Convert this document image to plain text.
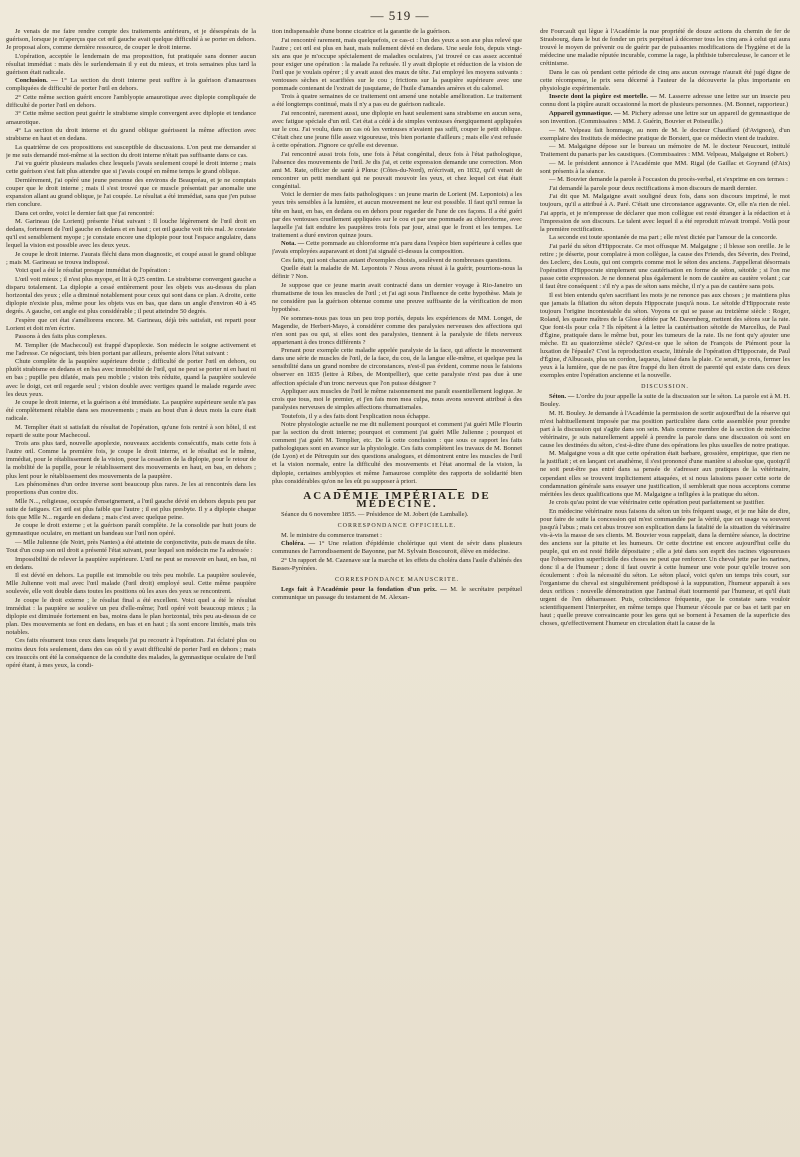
— 519 —

Je venais de me faire rendre compte des traitements antérieurs, et je désespérais de la guérison, lorsque je m'aperçus que cet œil gauche avait quelque difficulté à se porter en dehors. Je proposai alors, comme dernière ressource, de couper le droit interne.

L'opération, acceptée le lendemain de ma proposition, fut pratiquée sans donner aucun résultat immédiat : mais dès le surlendemain il y eut du mieux, et trois semaines plus tard la guérison était radicale.

Conclusion. — 1° La section du droit interne peut suffire à la guérison d'amauroses compliquées de difficulté de porter l'œil en dehors.

2° Cette même section guérit encore l'amblyopie amaurotique avec diplopie compliquée de difficulté de porter l'œil en dehors.

3° Cette même section peut guérir le strabisme simple convergent avec diplopie et tendance amaurotique.

4° La section du droit interne et du grand oblique guérissent la même affection avec strabisme en haut et en dedans.

La quatrième de ces propositions est susceptible de discussions. L'on peut me demander si je me suis demandé moi-même si la section du droit interne n'était pas suffisante dans ce cas.

J'ai vu guérir plusieurs malades chez lesquels j'avais seulement coupé le droit interne ; mais cette guérison s'est fait plus attendre que si j'avais coupé en même temps le grand oblique.

Dernièrement, j'ai opéré une jeune personne des environs de Beaupréau, et je ne comptais couper que le droit interne ; mais il s'est trouvé que ce muscle présentait par anomalie une expansion allant au grand oblique, je l'ai coupée. Le résultat a été immédiat, sans que j'en puisse rien conclure.

Dans cet ordre, voici le dernier fait que j'ai rencontré:

M. Garineau (de Lorient) présente l'état suivant : Il louche légèrement de l'œil droit en dedans, fortement de l'œil gauche en dedans et en haut ; cet œil gauche voit très mal. Je constate qu'il est sensiblement myope ; je constate encore une diplopie pour tout l'espace angulaire, dans lequel la vision est possible avec les deux yeux.

Je coupe le droit interne. J'aurais fléchi dans mon diagnostic, et coupé aussi le grand oblique ; mais M. Garineau se trouva indisposé.

Voici quel a été le résultat presque immédiat de l'opération :

L'œil voit mieux ; il n'est plus myope, et lit à 0,25 centim. Le strabisme convergent gauche a disparu totalement. La diplopie a cessé entièrement pour les objets vus au-dessus du plan horizontal des yeux ; elle a diminué notablement pour ceux qui sont dans ce plan. A droite, cette diplopie n'existe plus, même pour les objets vus en bas, que dans un angle d'environ 40 à 45 degrés. A gauche, cet angle est plus considérable ; il peut atteindre 50 degrés.

J'espère que cet état s'améliorera encore. M. Garineau, déjà très satisfait, est reparti pour Lorient et doit m'en écrire.

Passons à des faits plus complexes.

M. Templier (de Machecoul) est frappé d'apoplexie. Son médecin le soigne activement et me l'adresse. Ce négociant, très bien portant par ailleurs, présente alors l'état suivant :

Chute complète de la paupière supérieure droite ; difficulté de porter l'œil en dehors, ou plutôt strabisme en dedans et en bas avec immobilité de l'œil, qui ne peut se porter ni en haut ni en bas ; pupille peu dilatée, mais peu mobile ; vision très réduite, quand la paupière soulevée avec le doigt, cet œil regarde seul ; vision double avec vertiges quand le malade regarde avec les deux yeux.

Je coupe le droit interne, et la guérison a été immédiate. La paupière supérieure seule n'a pas été complètement rétablie dans ses mouvements ; mais au bout d'un à deux mois la cure était radicale.

M. Templier était si satisfait du résultat de l'opération, qu'une fois rentré à son hôtel, il est reparti de suite pour Machecoul.

Trois ans plus tard, nouvelle apoplexie, nouveaux accidents consécutifs, mais cette fois à l'autre œil. Comme la première fois, je coupe le droit interne, et le résultat est le même, immédiat, pour le rétablissement de la vision, pour la cessation de la diplopie, pour le retour de la mobilité de la pupille, pour le rétablissement des mouvements en haut, en bas, en dehors ; plus lent pour le rétablissement des mouvements de la paupière.

Les phénomènes d'un ordre inverse sont beaucoup plus rares. Je les ai rencontrés dans les proportions d'un contre dix.

Mlle N..., religieuse, occupée d'enseignement, a l'œil gauche dévié en dehors depuis peu par suite de fatigues. Cet œil est plus faible que l'autre ; il est plus presbyte. Il y a diplopie chaque fois que Mlle N... regarde en dedans ; mais c'est avec quelque peine.

Je coupe le droit externe ; et la guérison paraît complète. Je la consolide par huit jours de gymnastique oculaire, en mettant un bandeau sur l'œil non opéré.

— Mlle Julienne (de Noirt, près Nantes) a été atteinte de conjonctivite, puis de maux de tête. Tout d'un coup son œil droit a présenté l'état suivant, pour lequel son médecin me l'a adressée :

Impossibilité de relever la paupière supérieure. L'œil ne peut se mouvoir en haut, en bas, ni en dedans.

Il est dévié en dehors. La pupille est immobile ou très peu mobile. La paupière soulevée, Mlle Julienne voit mal avec l'œil malade (l'œil droit) employé seul. Cette même paupière soulevée, elle voit double dans toutes les positions où les axes des yeux se rencontrent.

Je coupe le droit externe ; le résultat final a été excellent. Voici quel a été le résultat immédiat : la paupière se soulève un peu d'elle-même; l'œil opéré voit beaucoup mieux ; la diplopie est diminuée fortement en bas, moins dans le plan horizontal, très peu au-dessus de ce plan. Des mouvements se font en dedans, en bas et en haut ; ils sont encore limités, mais très notables.

Ces faits résument tous ceux dans lesquels j'ai pu recourir à l'opération. J'ai éclairé plus ou moins deux fois seulement, dans des cas où il y avait difficulté de porter l'œil en dehors ; mais ces insuccès ont été la conséquence de la conduite des malades, la gymnastique oculaire de l'œil opéré étant, à mes yeux, la condi-

tion indispensable d'une bonne cicatrice et la garantie de la guérison.

J'ai rencontré rarement, mais quelquefois, ce cas-ci : l'un des yeux a son axe plus relevé que l'autre ; cet œil est plus en haut, mais nullement dévié en dedans. Une seule fois, depuis vingt-six ans que je m'occupe spécialement de maladies oculaires, j'ai trouvé ce cas assez accentué pour exiger une opération : la malade l'a refusée. Il y avait diplopie et réduction de la vision de l'œil que je voulais opérer ; il y avait aussi des maux de tête. J'ai employé les moyens suivants : ventouses sèches et scarifiées sur le cou ; frictions sur la paupière supérieure avec une pommade contenant de l'extrait de jusquiame, de l'huile d'amandes amères et du calomel.

Trois à quatre semaines de ce traitement ont amené une notable amélioration. Le traitement a été longtemps continué, mais il n'y a pas eu de guérison radicale.

J'ai rencontré, rarement aussi, une diplopie en haut seulement sans strabisme en aucun sens, avec fatigue spéciale d'un œil. Cet état a cédé à de simples ventouses énergiquement appliquées sur le cou. J'ai voulu, dans un cas où les ventouses n'avaient pas suffi, couper le petit oblique. C'était chez une jeune fille assez vigoureuse, très bien portante d'ailleurs ; mais elle s'est refusée à cette opération. J'ignore ce qu'elle est devenue.

J'ai rencontré aussi trois fois, une fois à l'état congénital, deux fois à l'état pathologique, l'absence des mouvements de l'œil. Je dis j'ai, et cette expression demande une correction. Mon ami M. Rate, officier de santé à Plœuc (Côtes-du-Nord), m'écrivait, en 1832, qu'il venait de rencontrer un petit mendiant qui ne pouvait mouvoir les yeux, et chez lequel cet état était congénital.

Voici le dernier de mes faits pathologiques : un jeune marin de Lorient (M. Lepontois) a les yeux très sensibles à la lumière, et aucun mouvement ne leur est possible. Il faut qu'il remue la tête en haut, en bas, en dedans ou en dehors pour regarder de l'une de ces façons. Il a été guéri par des ventouses cruellement appliquées sur le cou et par une pommade au chloroforme, avec laquelle j'ai fait enduire les paupières trois fois par jour, ainsi que le front et les tempes. Le traitement a duré environ quinze jours.

Nota. — Cette pommade au chloroforme m'a paru dans l'espèce bien supérieure à celles que j'avais employées auparavant et dont j'ai signalé ci-dessus la composition.

Ces faits, qui sont chacun autant d'exemples choisis, soulèvent de nombreuses questions.

Quelle était la maladie de M. Lepontois ? Nous avons réussi à la guérir, pourrions-nous la définir ? Non.

Je suppose que ce jeune marin avait contracté dans un dernier voyage à Rio-Janeiro un rhumatisme de tous les muscles de l'œil ; et j'ai agi sous l'influence de cette hypothèse. Mais je ne considère pas la guérison obtenue comme une preuve suffisante de la vérification de mon hypothèse.

Ne sommes-nous pas tous un peu trop portés, depuis les expériences de MM. Longet, de Magendie, de Herbert-Mayo, à considérer comme des paralysies nerveuses des affections qui n'en sont pas ou qui, si elles sont des paralysies, tiennent à la paralysie de filets nerveux appartenant à des troncs différents ?

Prenant pour exemple cette maladie appelée paralysie de la face, qui affecte le mouvement dans une série de muscles de l'œil, de la face, du cou, de la langue elle-même, et quelque peu la sensibilité dans un grand nombre de circonstances, n'est-il pas évident, comme nous le faisions observer en 1835 (lettre à Ribes, de Montpellier), que cette paralysie n'est pas due à une affection spéciale d'un tronc nerveux que l'on puisse désigner ?

Appliquer aux muscles de l'œil le même raisonnement me paraît essentiellement logique. Je crois que tous, moi le premier, et j'en fais mon mea culpa, nous avons souvent attribué à des paralysies nerveuses de simples affections rhumatismales.

Toutefois, il y a des faits dont l'explication nous échappe.

Notre physiologie actuelle ne me dit nullement pourquoi et comment j'ai guéri Mlle Flourin par la section du droit interne; pourquoi et comment j'ai guéri Mlle Julienne ; pourquoi et comment j'ai guéri M. Templier, etc. De là cette conclusion : que sous ce rapport les faits pathologiques sont en avance sur la physiologie. Ces faits complètent les travaux de M. Bonnet (de Lyon) et de Pétrequin sur des questions analogues, et démontrent entre les muscles de l'œil et la vision normale, entre la difficulté des mouvements et l'état anormal de la vision, la diplopie, certaines amblyopies et même l'amaurose complète des rapports de solidarité bien plus considérables qu'on ne les eût pu supposer à priori.

ACADÉMIE IMPÉRIALE DE MÉDECINE.

Séance du 6 novembre 1855. — Présidence de M. Jobert (de Lamballe).

CORRESPONDANCE OFFICIELLE.

M. le ministre du commerce transmet :

Choléra. — 1° Une relation d'épidémie cholérique qui vient de sévir dans plusieurs communes de l'arrondissement de Bayonne, par M. Sylvain Boscouroit, élève en médecine.

2° Un rapport de M. Cazenave sur la marche et les effets du choléra dans l'asile d'aliénés des Basses-Pyrénées.

CORRESPONDANCE MANUSCRITE.

Legs fait à l'Académie pour la fondation d'un prix. — M. le secrétaire perpétuel communique un passage du testament de M. Alexan-

dre Fourcault qui lègue à l'Académie la nue propriété de douze actions du chemin de fer de Strasbourg, dans le but de fonder un prix perpétuel à décerner tous les cinq ans à celui qui aura trouvé le moyen de prévenir ou de guérir par de puissantes modifications de l'hygiène et de la médecine une maladie réputée incurable, comme la rage, la phthisie tuberculeuse, le cancer et le crétinisme.

Dans le cas où pendant cette période de cinq ans aucun ouvrage n'aurait été jugé digne de cette récompense, le prix sera décerné à l'auteur de la découverte la plus importante en physiologie expérimentale.

Insecte dont la piqûre est mortelle. — M. Lasserre adresse une lettre sur un insecte peu connu dont la piqûre aurait occasionné la mort de plusieurs personnes. (M. Bonnet, rapporteur.)

Appareil gymnastique. — M. Pichery adresse une lettre sur un appareil de gymnastique de son invention. (Commissaires : MM. J. Guérin, Bouvier et Poiseuille.)

— M. Velpeau fait hommage, au nom de M. le docteur Chauffard (d'Avignon), d'un exemplaire des Instituts de médecine pratique de Borsieri, que ce médecin vient de traduire.

— M. Malgaigne dépose sur le bureau un mémoire de M. le docteur Neucourt, intitulé Traitement du panaris par les caustiques. (Commissaires : MM. Velpeau, Malgaigne et Robert.)

— M. le président annonce à l'Académie que MM. Rigal (de Gaillac et Goyrand (d'Aix) sont présents à la séance.

— M. Bouvier demande la parole à l'occasion du procès-verbal, et s'exprime en ces termes :

J'ai demandé la parole pour deux rectifications à mon discours de mardi dernier.

J'ai dit que M. Malgaigne avait souligné deux fois, dans son discours imprimé, le mot toujours, qu'il a attribué à A. Paré. C'était une circonstance aggravante. Or, elle n'a rien de réel. J'ai appris, et je m'empresse de déclarer que mon collègue est resté étranger à la rédaction et à l'impression de son discours. Le talent avec lequel il a été reproduit m'avait trompé. Voilà pour la première rectification.

La seconde est toute spontanée de ma part ; elle m'est dictée par l'amour de la concorde.

J'ai parlé du séton d'Hippocrate. Ce mot offusque M. Malgaigne ; il blesse son oreille. Je le retire ; je déserte, pour complaire à mon collègue, la cause des Friends, des Séverin, des Freind, des Leclerc, des Louis, qui ont compris comme moi le séton des anciens. J'appellerai désormais l'opération d'Hippocrate simplement une cautérisation en forme de séton, sétoïde ; si l'on me passe cette expression. Je ne donnerai plus également le nom de cautère au cautère volant ; car il faut être conséquent : s'il n'y a pas de séton sans mèche, il n'y a pas de cautère sans pois.

Il est bien entendu qu'en sacrifiant les mots je ne renonce pas aux choses ; je maintiens plus que jamais la filiation du séton depuis Hippocrate jusqu'à nous. Le sétoïde d'Hippocrate reste toujours l'origine incontestable du séton. Voyons ce qui se passe au treizième siècle : Roger, Roland, les quatre maîtres de la Glose éditée par M. Daremberg, mettent des sétons sur la rate. Que font-ils pour cela ? Ils répètent à la lettre la cautérisation sétoïde de Marcellus, de Paul d'Égine, pratiquée dans le même but, pour les tumeurs de la rate. Ils ne font qu'y ajouter une mèche. Et au quatorzième siècle? Qu'est-ce que le séton de François de Piémont pour la luxation de l'épaule? C'est la reproduction exacte, littérale de l'opération d'Hippocrate, de Paul d'Égine, d'Albucasis, plus un cordon, laqueus, laissé dans la plaie. Ce serait, je crois, fermer les yeux à la lumière, que de ne pas être frappé du lien étroit de parenté qui existe dans ces deux exemples entre l'opération ancienne et la nouvelle.

DISCUSSION.

Séton. — L'ordre du jour appelle la suite de la discussion sur le séton. La parole est à M. H. Bouley.

M. H. Bouley. Je demande à l'Académie la permission de sortir aujourd'hui de la réserve qui m'est habituellement imposée par ma position particulière dans cette assemblée pour prendre part à la discussion qui s'agite dans son sein. Mais comme membre de la section de médecine vétérinaire, je suis naturellement appelé à prendre la parole dans une discussion où sont en cause les destinées du séton, c'est-à-dire d'une des opérations les plus usuelles de notre pratique.

M. Malgaigne vous a dit que cette opération était barbare, grossière, empirique, que rien ne la justifiait ; et en lançant cet anathème, il s'est prononcé d'une manière si absolue que, quoiqu'il ne soit peut-être pas entré dans sa pensée de s'adresser aux pratiques de la vétérinaire, cependant elles se trouvent implicitement attaquées, et si nous laissions passer cette sorte de condamnation générale sans essayer une justification, il semblerait que nous acceptons comme méritées les deux qualifications que M. Malgaigne a infligées à la pratique du séton.

Je crois qu'au point de vue vétérinaire cette opération peut parfaitement se justifier.

En médecine vétérinaire nous faisons du séton un très fréquent usage, et je me hâte de dire, pour faire de suite la concession qui m'est commandée par la vérité, que cet usage va souvent jusqu'à l'abus ; mais cet abus trouve son explication dans la fatalité de la situation du vétérinaire vis-à-vis la masse de ses clients. M. Bouvier vous rappelait, dans la dernière séance, la doctrine des anciens sur la pituite et les humeurs. Or cette doctrine est encore aujourd'hui celle du peuple, qui en est resté fidèle dépositaire ; elle a jeté dans son esprit des racines vigoureuses que l'observation superficielle des choses ne peut que renforcer. Un cheval jette par les narines, donc il a de l'humeur ; donc il faut ouvrir à cette humeur une voie pour qu'elle trouve son écoulement : d'où la nécessité du séton. Le séton placé, voici qu'en un temps très court, sur l'organisme du cheval est singulièrement prédisposé à la suppuration, l'humeur apparaît à ses deux orifices : nouvelle démonstration que l'animal était tourmenté par l'humeur, et qu'il était urgent de l'en débarrasser. Puis, coïncidence fréquente, que le constate sans vouloir scientifiquement l'interpréter, en même temps que l'humeur s'écoule par ce bas et tarit par en haut ; quelle preuve convaincante pour les gens qui se bornent à l'examen de la superficie des choses, qu'effectivement l'humeur en circulation était la cause de la
